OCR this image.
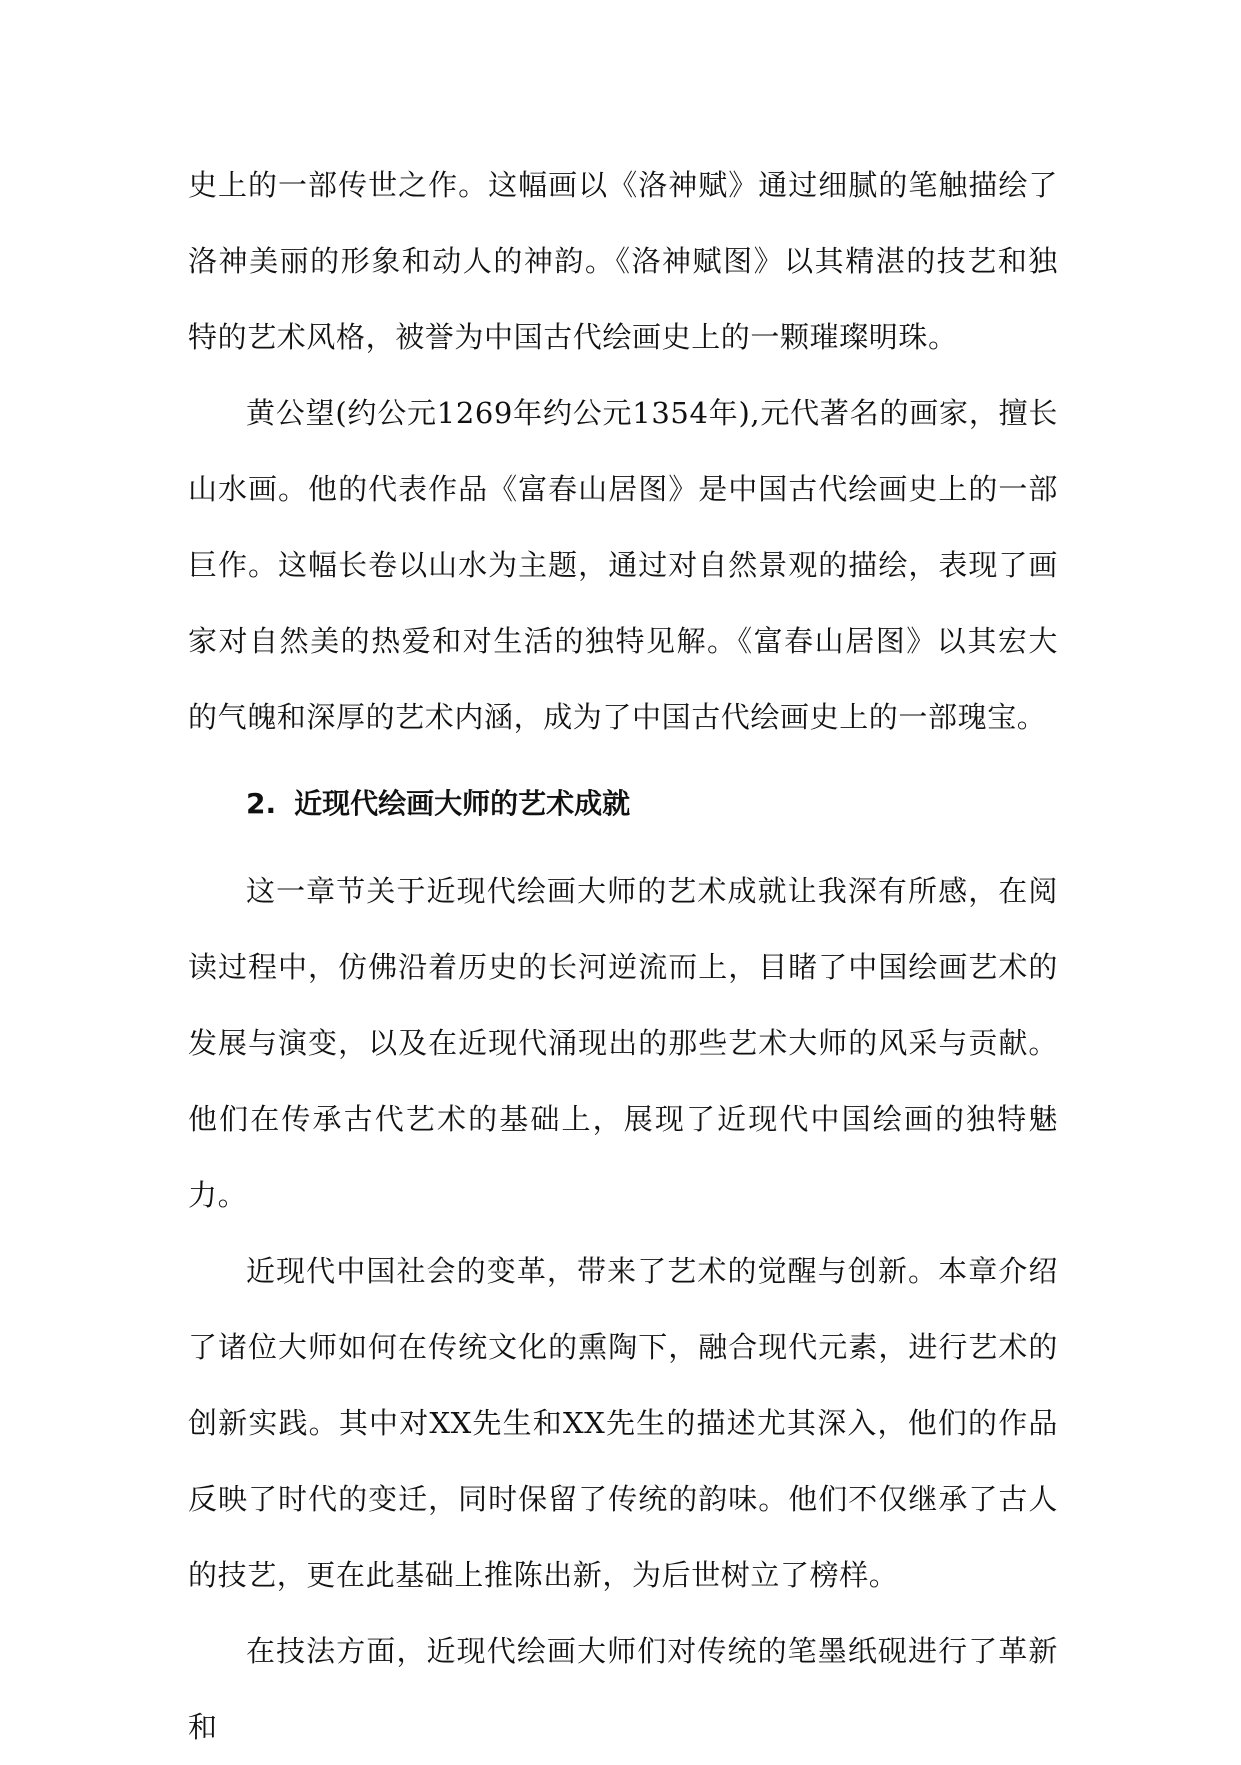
史上的一部传世之作。这幅画以《洛神赋》通过细腻的笔触描绘了洛神美丽的形象和动人的神韵。《洛神赋图》以其精湛的技艺和独特的艺术风格，被誉为中国古代绘画史上的一颗璀璨明珠。

黄公望(约公元1269年约公元1354年),元代著名的画家，擅长山水画。他的代表作品《富春山居图》是中国古代绘画史上的一部巨作。这幅长卷以山水为主题，通过对自然景观的描绘，表现了画家对自然美的热爱和对生活的独特见解。《富春山居图》以其宏大的气魄和深厚的艺术内涵，成为了中国古代绘画史上的一部瑰宝。

2. 近现代绘画大师的艺术成就

这一章节关于近现代绘画大师的艺术成就让我深有所感，在阅读过程中，仿佛沿着历史的长河逆流而上，目睹了中国绘画艺术的发展与演变，以及在近现代涌现出的那些艺术大师的风采与贡献。他们在传承古代艺术的基础上，展现了近现代中国绘画的独特魅力。

近现代中国社会的变革，带来了艺术的觉醒与创新。本章介绍了诸位大师如何在传统文化的熏陶下，融合现代元素，进行艺术的创新实践。其中对XX先生和XX先生的描述尤其深入，他们的作品反映了时代的变迁，同时保留了传统的韵味。他们不仅继承了古人的技艺，更在此基础上推陈出新，为后世树立了榜样。

在技法方面，近现代绘画大师们对传统的笔墨纸砚进行了革新和
